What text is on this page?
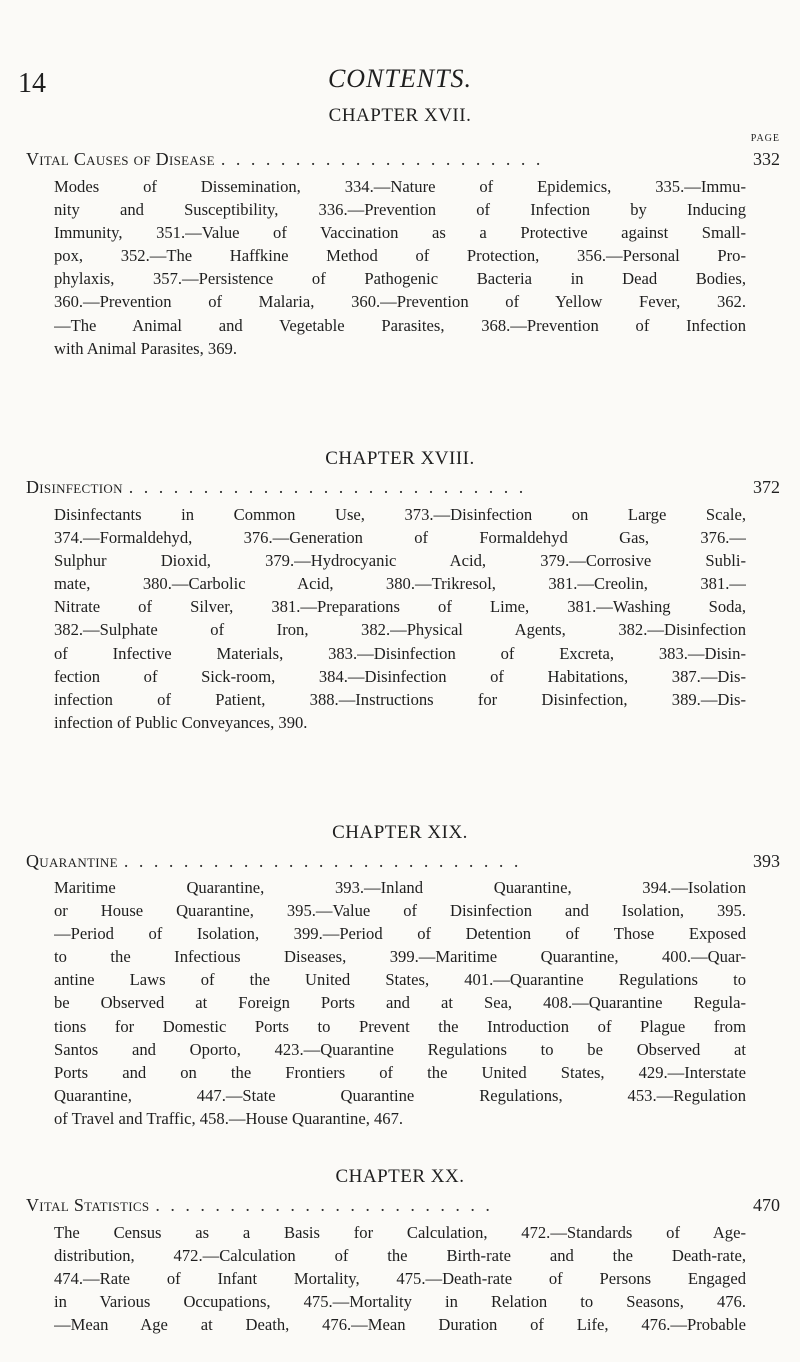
14	CONTENTS.
CHAPTER XVII.
PAGE
Vital Causes of Disease . . . . . . . . . . . . . . . . . . . . . .	332
Modes of Dissemination, 334.—Nature of Epidemics, 335.—Immu-
nity and Susceptibility, 336.—Prevention of Infection by Inducing
Immunity, 351.—Value of Vaccination as a Protective against Small-
pox, 352.—The Haffkine Method of Protection, 356.—Personal Pro-
phylaxis, 357.—Persistence of Pathogenic Bacteria in Dead Bodies,
360.—Prevention of Malaria, 360.—Prevention of Yellow Fever, 362.
—The Animal and Vegetable Parasites, 368.—Prevention of Infection
with Animal Parasites, 369.
CHAPTER XVIII.
Disinfection . . . . . . . . . . . . . . . . . . . . . . . . . . .	372
Disinfectants in Common Use, 373.—Disinfection on Large Scale,
374.—Formaldehyd, 376.—Generation of Formaldehyd Gas, 376.—
Sulphur Dioxid, 379.—Hydrocyanic Acid, 379.—Corrosive Subli-
mate, 380.—Carbolic Acid, 380.—Trikresol, 381.—Creolin, 381.—
Nitrate of Silver, 381.—Preparations of Lime, 381.—Washing Soda,
382.—Sulphate of Iron, 382.—Physical Agents, 382.—Disinfection
of Infective Materials, 383.—Disinfection of Excreta, 383.—Disin-
fection of Sick-room, 384.—Disinfection of Habitations, 387.—Dis-
infection of Patient, 388.—Instructions for Disinfection, 389.—Dis-
infection of Public Conveyances, 390.
CHAPTER XIX.
Quarantine . . . . . . . . . . . . . . . . . . . . . . . . . . .	393
Maritime Quarantine, 393.—Inland Quarantine, 394.—Isolation
or House Quarantine, 395.—Value of Disinfection and Isolation, 395.
—Period of Isolation, 399.—Period of Detention of Those Exposed
to the Infectious Diseases, 399.—Maritime Quarantine, 400.—Quar-
antine Laws of the United States, 401.—Quarantine Regulations to
be Observed at Foreign Ports and at Sea, 408.—Quarantine Regula-
tions for Domestic Ports to Prevent the Introduction of Plague from
Santos and Oporto, 423.—Quarantine Regulations to be Observed at
Ports and on the Frontiers of the United States, 429.—Interstate
Quarantine, 447.—State Quarantine Regulations, 453.—Regulation
of Travel and Traffic, 458.—House Quarantine, 467.
CHAPTER XX.
Vital Statistics . . . . . . . . . . . . . . . . . . . . . . .	470
The Census as a Basis for Calculation, 472.—Standards of Age-
distribution, 472.—Calculation of the Birth-rate and the Death-rate,
474.—Rate of Infant Mortality, 475.—Death-rate of Persons Engaged
in Various Occupations, 475.—Mortality in Relation to Seasons, 476.
—Mean Age at Death, 476.—Mean Duration of Life, 476.—Probable
